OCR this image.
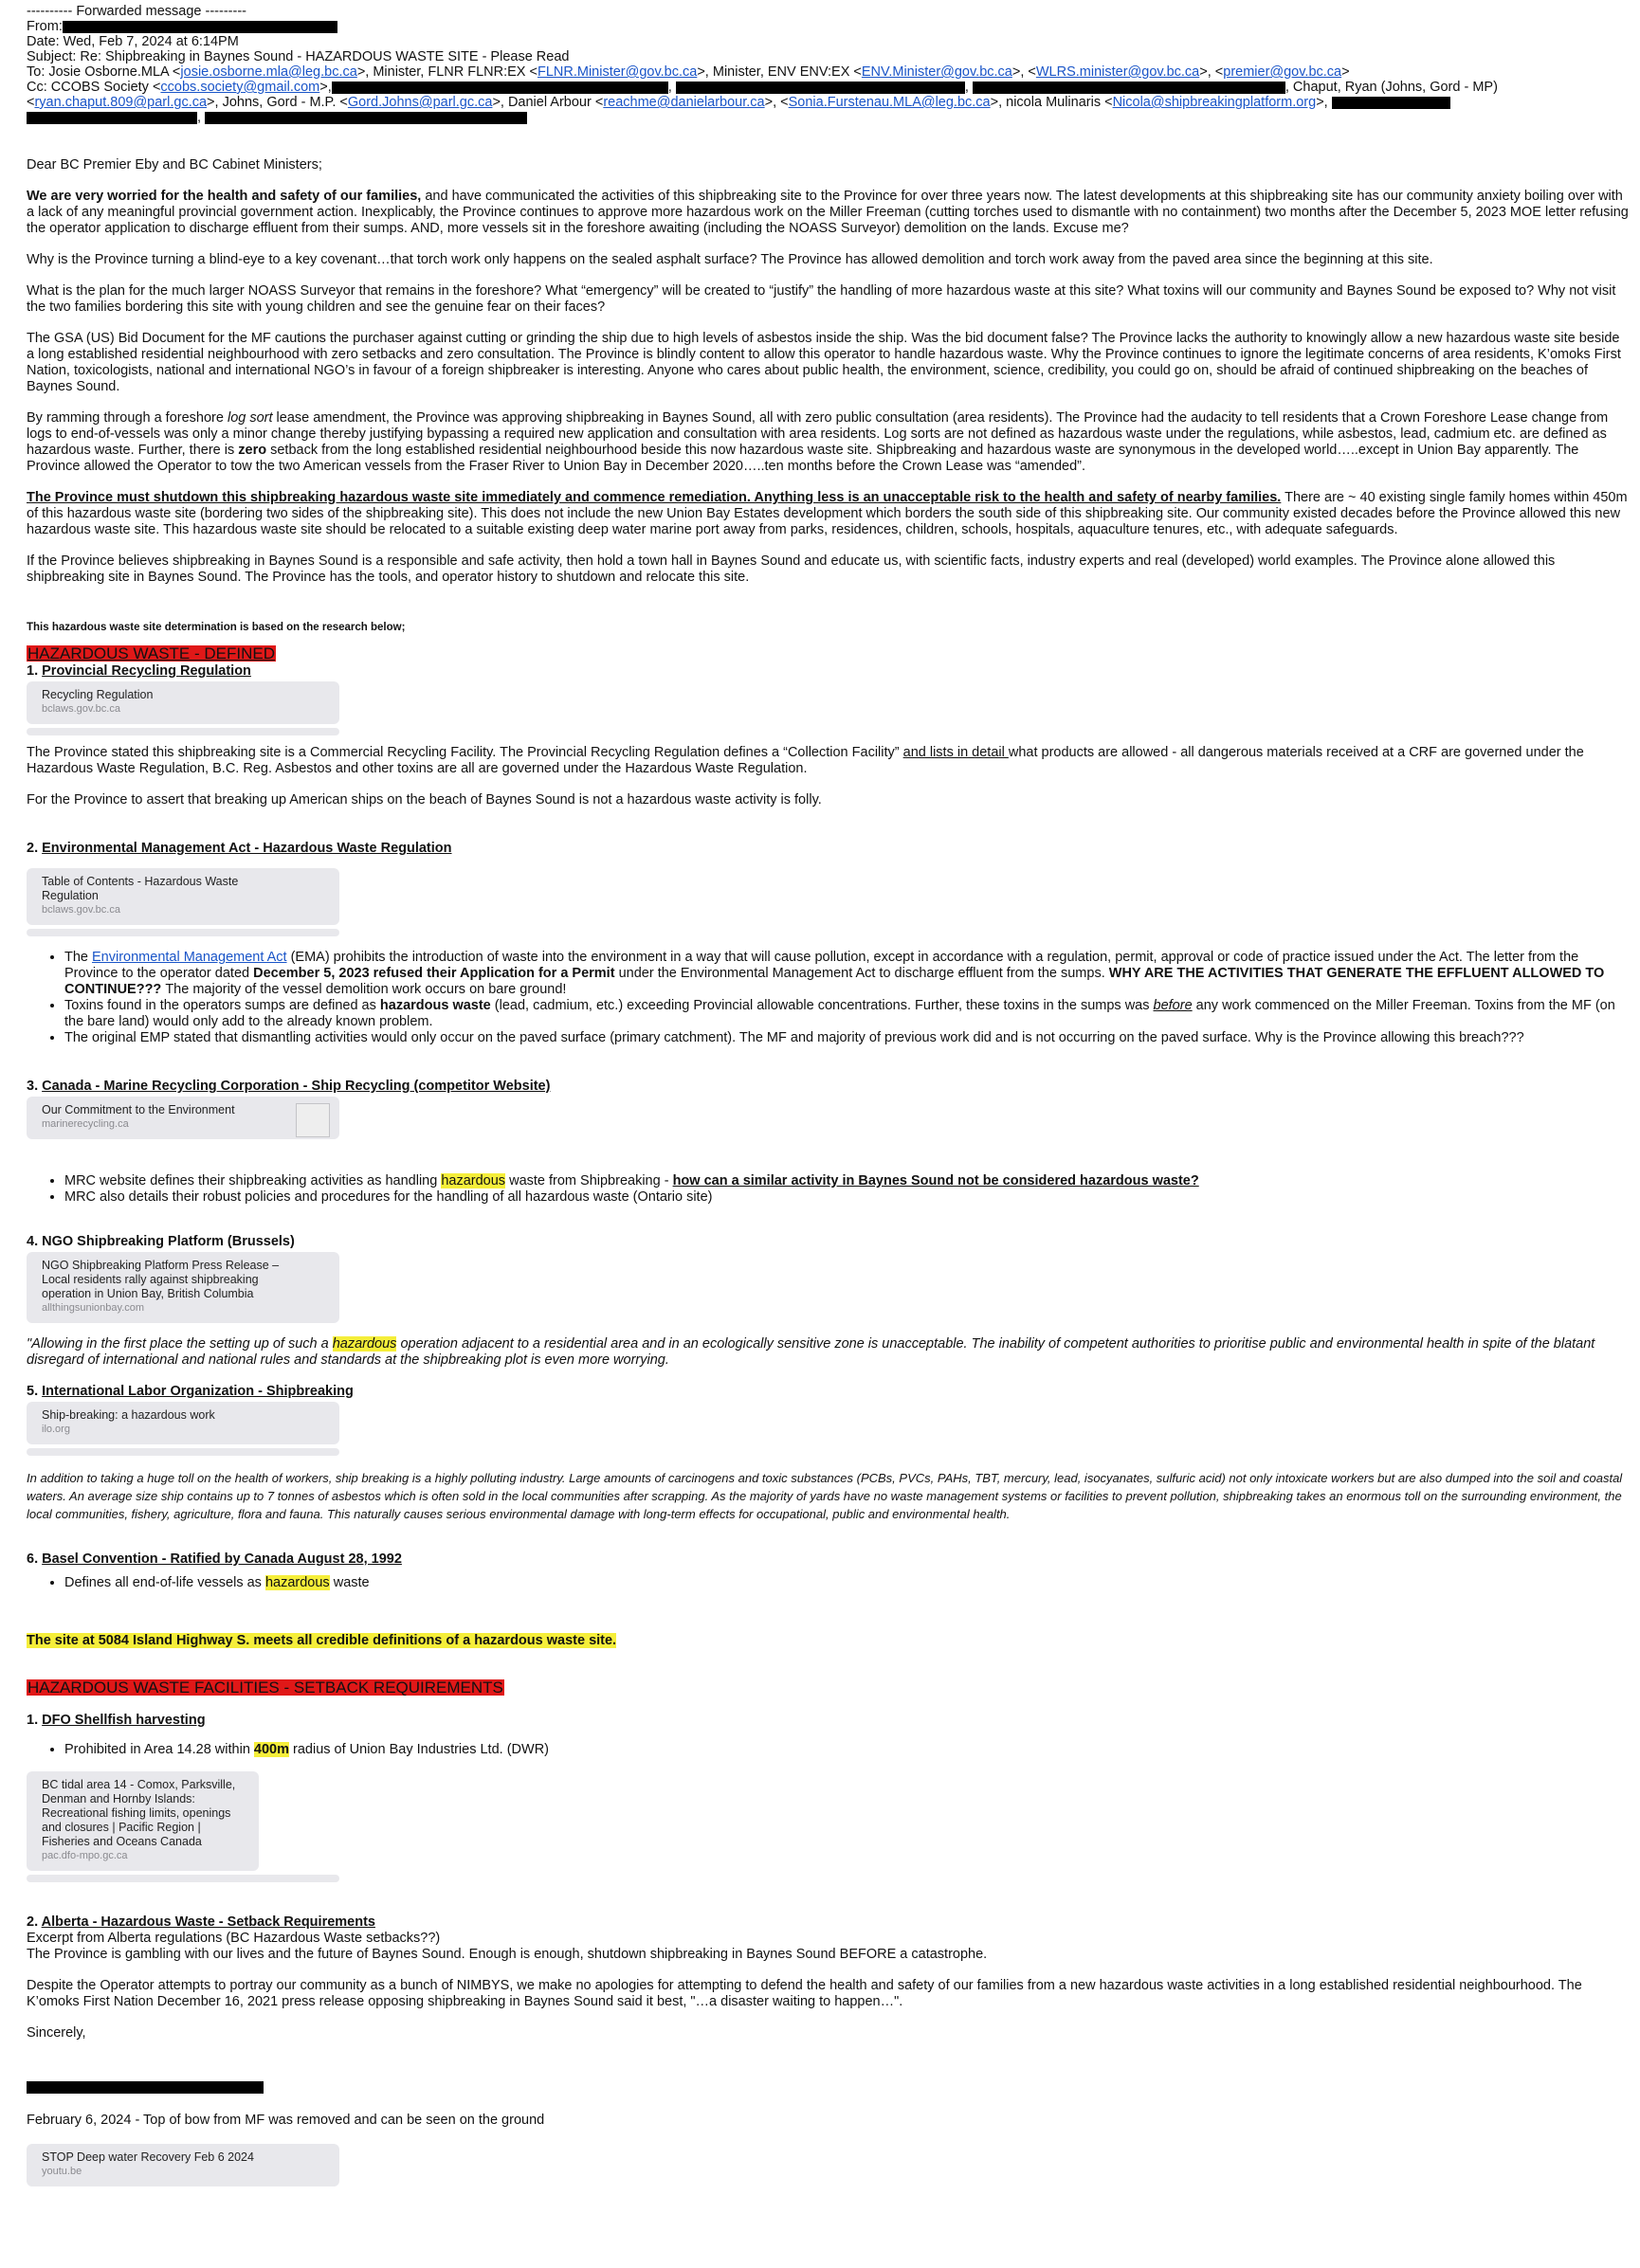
---------- Forwarded message ---------

From:

Date: Wed, Feb 7, 2024 at 6:14PM

Subject: Re: Shipbreaking in Baynes Sound - HAZARDOUS WASTE SITE - Please Read

To: Josie Osborne.MLA <josie.osborne.mla@leg.bc.ca>, Minister, FLNR FLNR:EX <FLNR.Minister@gov.bc.ca>, Minister, ENV ENV:EX <ENV.Minister@gov.bc.ca>, <WLRS.minister@gov.bc.ca>, <premier@gov.bc.ca>

Cc: CCOBS Society <ccobs.society@gmail.com>,	,	,	, Chaput, Ryan (Johns, Gord - MP)

<ryan.chaput.809@parl.gc.ca>, Johns, Gord - M.P. <Gord.Johns@parl.gc.ca>, Daniel Arbour <reachme@danielarbour.ca>, <Sonia.Furstenau.MLA@leg.bc.ca>, nicola Mulinaris <Nicola@shipbreakingplatform.org>,

,

Dear BC Premier Eby and BC Cabinet Ministers;

We are very worried for the health and safety of our families, and have communicated the activities of this shipbreaking site to the Province for over three years now. The latest developments at this shipbreaking site has our community anxiety boiling over with a lack of any meaningful provincial government action. Inexplicably, the Province continues to approve more hazardous work on the Miller Freeman (cutting torches used to dismantle with no containment) two months after the December 5, 2023 MOE letter refusing the operator application to discharge effluent from their sumps. AND, more vessels sit in the foreshore awaiting (including the NOASS Surveyor) demolition on the lands. Excuse me?

Why is the Province turning a blind-eye to a key covenant…that torch work only happens on the sealed asphalt surface? The Province has allowed demolition and torch work away from the paved area since the beginning at this site.

What is the plan for the much larger NOASS Surveyor that remains in the foreshore? What “emergency” will be created to “justify” the handling of more hazardous waste at this site? What toxins will our community and Baynes Sound be exposed to? Why not visit the two families bordering this site with young children and see the genuine fear on their faces?

The GSA (US) Bid Document for the MF cautions the purchaser against cutting or grinding the ship due to high levels of asbestos inside the ship. Was the bid document false? The Province lacks the authority to knowingly allow a new hazardous waste site beside a long established residential neighbourhood with zero setbacks and zero consultation. The Province is blindly content to allow this operator to handle hazardous waste. Why the Province continues to ignore the legitimate concerns of area residents, K’omoks First Nation, toxicologists, national and international NGO’s in favour of a foreign shipbreaker is interesting. Anyone who cares about public health, the environment, science, credibility, you could go on, should be afraid of continued shipbreaking on the beaches of Baynes Sound.

By ramming through a foreshore log sort lease amendment, the Province was approving shipbreaking in Baynes Sound, all with zero public consultation (area residents). The Province had the audacity to tell residents that a Crown Foreshore Lease change from logs to end-of-vessels was only a minor change thereby justifying bypassing a required new application and consultation with area residents. Log sorts are not defined as hazardous waste under the regulations, while asbestos, lead, cadmium etc. are defined as hazardous waste. Further, there is zero setback from the long established residential neighbourhood beside this now hazardous waste site. Shipbreaking and hazardous waste are synonymous in the developed world…..except in Union Bay apparently. The Province allowed the Operator to tow the two American vessels from the Fraser River to Union Bay in December 2020…..ten months before the Crown Lease was “amended”.

The Province must shutdown this shipbreaking hazardous waste site immediately and commence remediation. Anything less is an unacceptable risk to the health and safety of nearby families. There are ~ 40 existing single family homes within 450m of this hazardous waste site (bordering two sides of the shipbreaking site). This does not include the new Union Bay Estates development which borders the south side of this shipbreaking site. Our community existed decades before the Province allowed this new hazardous waste site. This hazardous waste site should be relocated to a suitable existing deep water marine port away from parks, residences, children, schools, hospitals, aquaculture tenures, etc., with adequate safeguards.

If the Province believes shipbreaking in Baynes Sound is a responsible and safe activity, then hold a town hall in Baynes Sound and educate us, with scientific facts, industry experts and real (developed) world examples. The Province alone allowed this shipbreaking site in Baynes Sound. The Province has the tools, and operator history to shutdown and relocate this site.

This hazardous waste site determination is based on the research below;

HAZARDOUS WASTE - DEFINED

1. Provincial Recycling Regulation

Recycling Regulation
bclaws.gov.bc.ca

The Province stated this shipbreaking site is a Commercial Recycling Facility. The Provincial Recycling Regulation defines a “Collection Facility” and lists in detail what products are allowed - all dangerous materials received at a CRF are governed under the Hazardous Waste Regulation, B.C. Reg. Asbestos and other toxins are all are governed under the Hazardous Waste Regulation.

For the Province to assert that breaking up American ships on the beach of Baynes Sound is not a hazardous waste activity is folly.

2. Environmental Management Act - Hazardous Waste Regulation

Table of Contents - Hazardous Waste Regulation
bclaws.gov.bc.ca
• The Environmental Management Act (EMA) prohibits the introduction of waste into the environment in a way that will cause pollution, except in accordance with a regulation, permit, approval or code of practice issued under the Act. The letter from the Province to the operator dated December 5, 2023 refused their Application for a Permit under the Environmental Management Act to discharge effluent from the sumps. WHY ARE THE ACTIVITIES THAT GENERATE THE EFFLUENT ALLOWED TO CONTINUE??? The majority of the vessel demolition work occurs on bare ground!
• Toxins found in the operators sumps are defined as hazardous waste (lead, cadmium, etc.) exceeding Provincial allowable concentrations. Further, these toxins in the sumps was before any work commenced on the Miller Freeman. Toxins from the MF (on the bare land) would only add to the already known problem.
• The original EMP stated that dismantling activities would only occur on the paved surface (primary catchment). The MF and majority of previous work did and is not occurring on the paved surface. Why is the Province allowing this breach???

3. Canada - Marine Recycling Corporation - Ship Recycling (competitor Website)

Our Commitment to the Environment
marinerecycling.ca
• MRC website defines their shipbreaking activities as handling hazardous waste from Shipbreaking - how can a similar activity in Baynes Sound not be considered hazardous waste?
• MRC also details their robust policies and procedures for the handling of all hazardous waste (Ontario site)

4. NGO Shipbreaking Platform (Brussels)

NGO Shipbreaking Platform Press Release – Local residents rally against shipbreaking operation in Union Bay, British Columbia
allthingsunionbay.com

"Allowing in the first place the setting up of such a hazardous operation adjacent to a residential area and in an ecologically sensitive zone is unacceptable. The inability of competent authorities to prioritise public and environmental health in spite of the blatant disregard of international and national rules and standards at the shipbreaking plot is even more worrying.

5. International Labor Organization - Shipbreaking

Ship-breaking: a hazardous work
ilo.org

In addition to taking a huge toll on the health of workers, ship breaking is a highly polluting industry. Large amounts of carcinogens and toxic substances (PCBs, PVCs, PAHs, TBT, mercury, lead, isocyanates, sulfuric acid) not only intoxicate workers but are also dumped into the soil and coastal waters. An average size ship contains up to 7 tonnes of asbestos which is often sold in the local communities after scrapping. As the majority of yards have no waste management systems or facilities to prevent pollution, shipbreaking takes an enormous toll on the surrounding environment, the local communities, fishery, agriculture, flora and fauna. This naturally causes serious environmental damage with long-term effects for occupational, public and environmental health.

6. Basel Convention - Ratified by Canada August 28, 1992

• Defines all end-of-life vessels as hazardous waste

The site at 5084 Island Highway S. meets all credible definitions of a hazardous waste site.

HAZARDOUS WASTE FACILITIES - SETBACK REQUIREMENTS

1. DFO Shellfish harvesting

• Prohibited in Area 14.28 within 400m radius of Union Bay Industries Ltd. (DWR)
BC tidal area 14 - Comox, Parksville, Denman and Hornby Islands: Recreational fishing limits, openings and closures | Pacific Region | Fisheries and Oceans Canada
pac.dfo-mpo.gc.ca

2. Alberta - Hazardous Waste - Setback Requirements

Excerpt from Alberta regulations (BC Hazardous Waste setbacks??)

The Province is gambling with our lives and the future of Baynes Sound. Enough is enough, shutdown shipbreaking in Baynes Sound BEFORE a catastrophe.

Despite the Operator attempts to portray our community as a bunch of NIMBYS, we make no apologies for attempting to defend the health and safety of our families from a new hazardous waste activities in a long established residential neighbourhood. The K’omoks First Nation December 16, 2021 press release opposing shipbreaking in Baynes Sound said it best, "…a disaster waiting to happen…".

Sincerely,

February 6, 2024 - Top of bow from MF was removed and can be seen on the ground

STOP Deep water Recovery Feb 6 2024
youtu.be
